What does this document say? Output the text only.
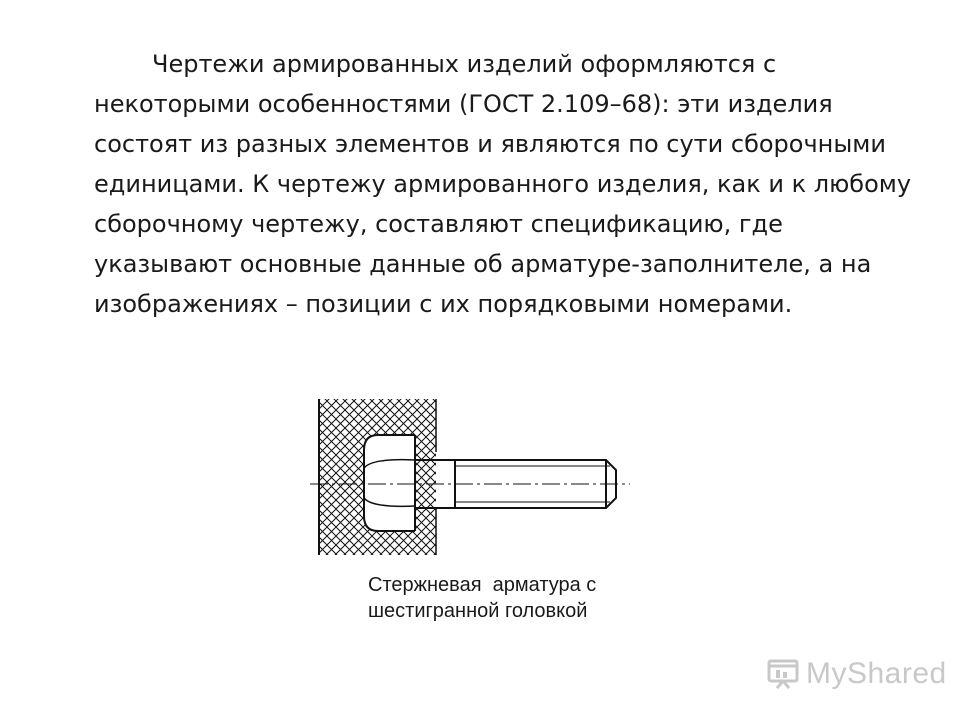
Чертежи армированных изделий оформляются с некоторыми особенностями (ГОСТ 2.109–68): эти изделия состоят из разных элементов и являются по сути сборочными единицами. К чертежу армированного изделия, как и к любому сборочному чертежу, составляют спецификацию, где указывают основные данные об арматуре-заполнителе, а на изображениях – позиции с их порядковыми номерами.

Стержневая  арматура с
шестигранной головкой
MyShared
